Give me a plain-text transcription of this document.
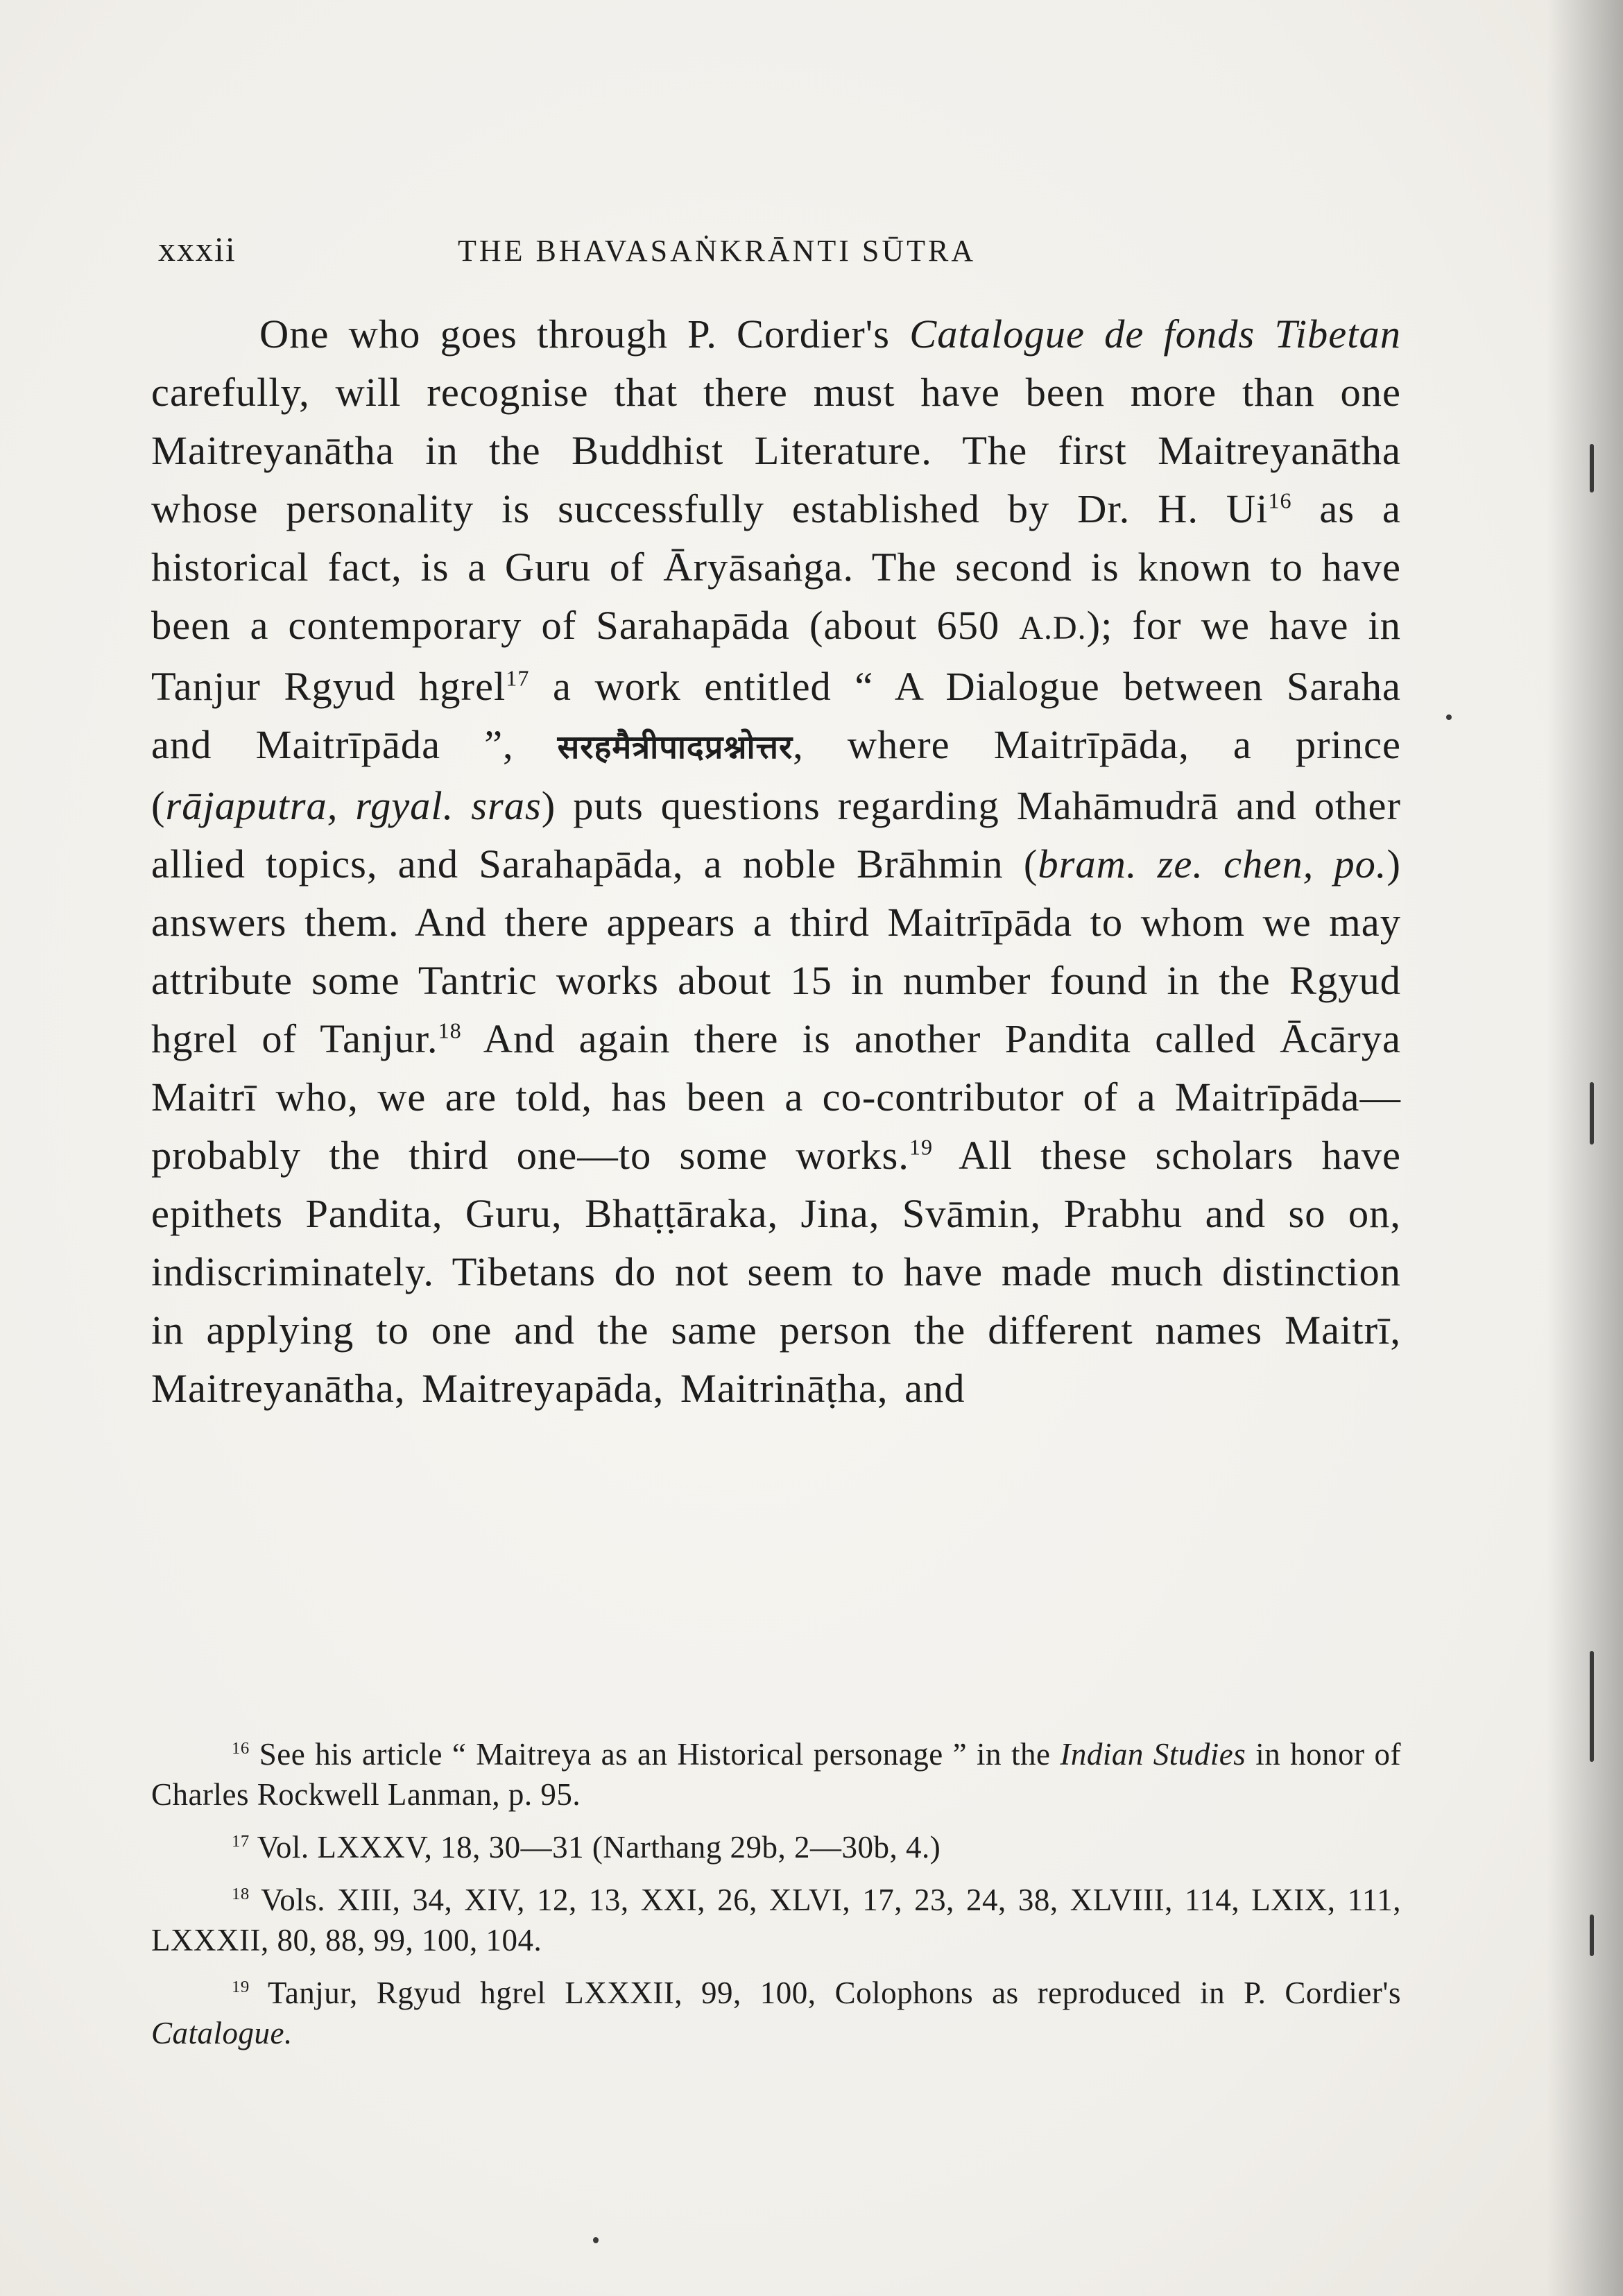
xxxii	THE BHAVASAṄKRĀNTI SŪTRA

One who goes through P. Cordier's Catalogue de fonds Tibetan carefully, will recognise that there must have been more than one Maitreyanātha in the Buddhist Literature. The first Maitreyanātha whose personality is successfully established by Dr. H. Ui$^{16}$ as a historical fact, is a Guru of Āryāsaṅga. The second is known to have been a contemporary of Sarahapāda (about 650 A.D.); for we have in Tanjur Rgyud hgrel$^{17}$ a work entitled “ A Dialogue between Saraha and Maitrīpāda ”, सरहमैत्रीपादप्रश्नोत्तर, where Maitrīpāda, a prince (rājaputra, rgyal. sras) puts questions regarding Mahāmudrā and other allied topics, and Sarahapāda, a noble Brāhmin (bram. ze. chen, po.) answers them. And there appears a third Maitrīpāda to whom we may attribute some Tantric works about 15 in number found in the Rgyud hgrel of Tanjur.$^{18}$ And again there is another Pandita called Ācārya Maitrī who, we are told, has been a co-contributor of a Maitrīpāda—probably the third one—to some works.$^{19}$ All these scholars have epithets Pandita, Guru, Bhaṭṭāraka, Jina, Svāmin, Prabhu and so on, indiscriminately. Tibetans do not seem to have made much distinction in applying to one and the same person the different names Maitrī, Maitreyanātha, Maitreyapāda, Maitrināṭha, and

$^{16}$ See his article “ Maitreya as an Historical personage ” in the Indian Studies in honor of Charles Rockwell Lanman, p. 95.

$^{17}$ Vol. LXXXV, 18, 30—31 (Narthang 29b, 2—30b, 4.)

$^{18}$ Vols. XIII, 34, XIV, 12, 13, XXI, 26, XLVI, 17, 23, 24, 38, XLVIII, 114, LXIX, 111, LXXXII, 80, 88, 99, 100, 104.

$^{19}$ Tanjur, Rgyud hgrel LXXXII, 99, 100, Colophons as reproduced in P. Cordier's Catalogue.
